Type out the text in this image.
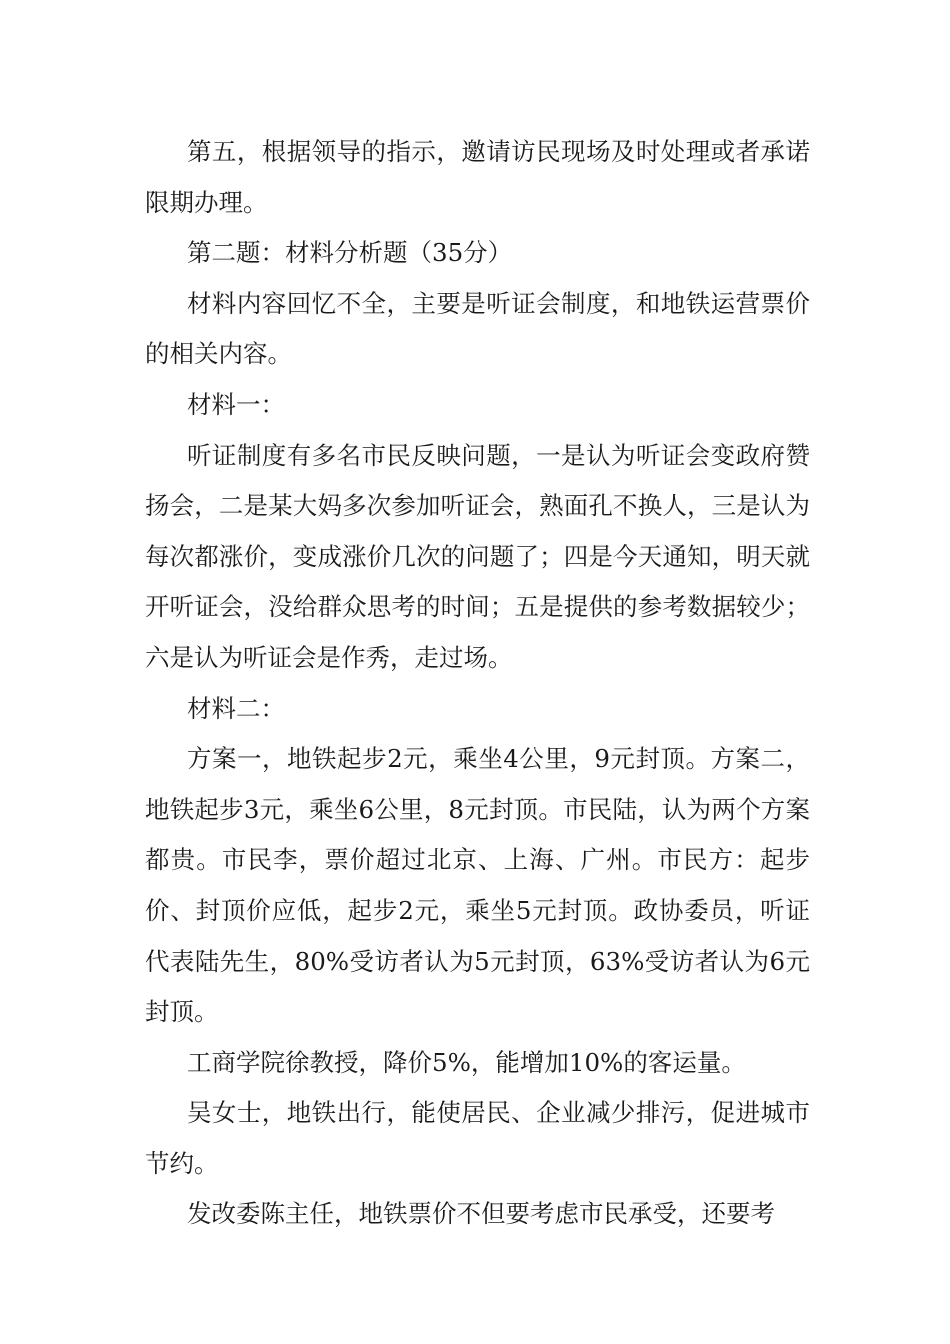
第五，根据领导的指示，邀请访民现场及时处理或者承诺限期办理。

第二题：材料分析题（35分）

材料内容回忆不全，主要是听证会制度，和地铁运营票价的相关内容。

材料一：

听证制度有多名市民反映问题，一是认为听证会变政府赞扬会，二是某大妈多次参加听证会，熟面孔不换人，三是认为每次都涨价，变成涨价几次的问题了；四是今天通知，明天就开听证会，没给群众思考的时间；五是提供的参考数据较少；六是认为听证会是作秀，走过场。

材料二：

方案一，地铁起步2元，乘坐4公里，9元封顶。方案二，地铁起步3元，乘坐6公里，8元封顶。市民陆，认为两个方案都贵。市民李，票价超过北京、上海、广州。市民方：起步价、封顶价应低，起步2元，乘坐5元封顶。政协委员，听证代表陆先生，80%受访者认为5元封顶，63%受访者认为6元封顶。

工商学院徐教授，降价5%，能增加10%的客运量。

吴女士，地铁出行，能使居民、企业减少排污，促进城市节约。

发改委陈主任，地铁票价不但要考虑市民承受，还要考
